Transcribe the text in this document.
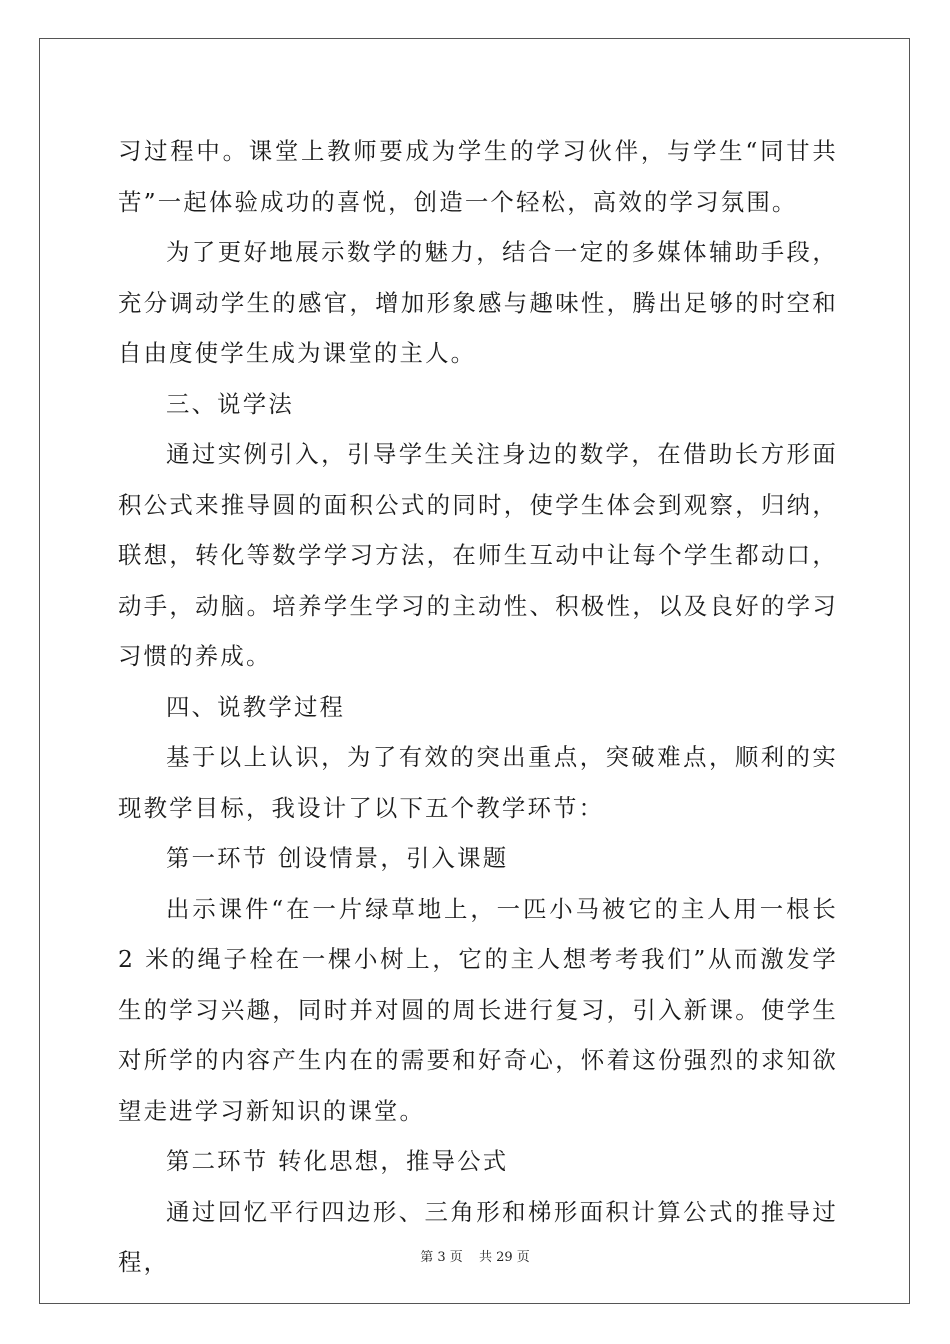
习过程中。课堂上教师要成为学生的学习伙伴，与学生“同甘共苦”一起体验成功的喜悦，创造一个轻松，高效的学习氛围。

为了更好地展示数学的魅力，结合一定的多媒体辅助手段，充分调动学生的感官，增加形象感与趣味性，腾出足够的时空和自由度使学生成为课堂的主人。

三、说学法

通过实例引入，引导学生关注身边的数学，在借助长方形面积公式来推导圆的面积公式的同时，使学生体会到观察，归纳，联想，转化等数学学习方法，在师生互动中让每个学生都动口，动手，动脑。培养学生学习的主动性、积极性，以及良好的学习习惯的养成。

四、说教学过程

基于以上认识，为了有效的突出重点，突破难点，顺利的实现教学目标，我设计了以下五个教学环节：

第一环节 创设情景，引入课题

出示课件“在一片绿草地上，一匹小马被它的主人用一根长 2 米的绳子栓在一棵小树上，它的主人想考考我们”从而激发学生的学习兴趣，同时并对圆的周长进行复习，引入新课。使学生对所学的内容产生内在的需要和好奇心，怀着这份强烈的求知欲望走进学习新知识的课堂。

第二环节 转化思想，推导公式

通过回忆平行四边形、三角形和梯形面积计算公式的推导过程，	第 3 页 共 29 页
